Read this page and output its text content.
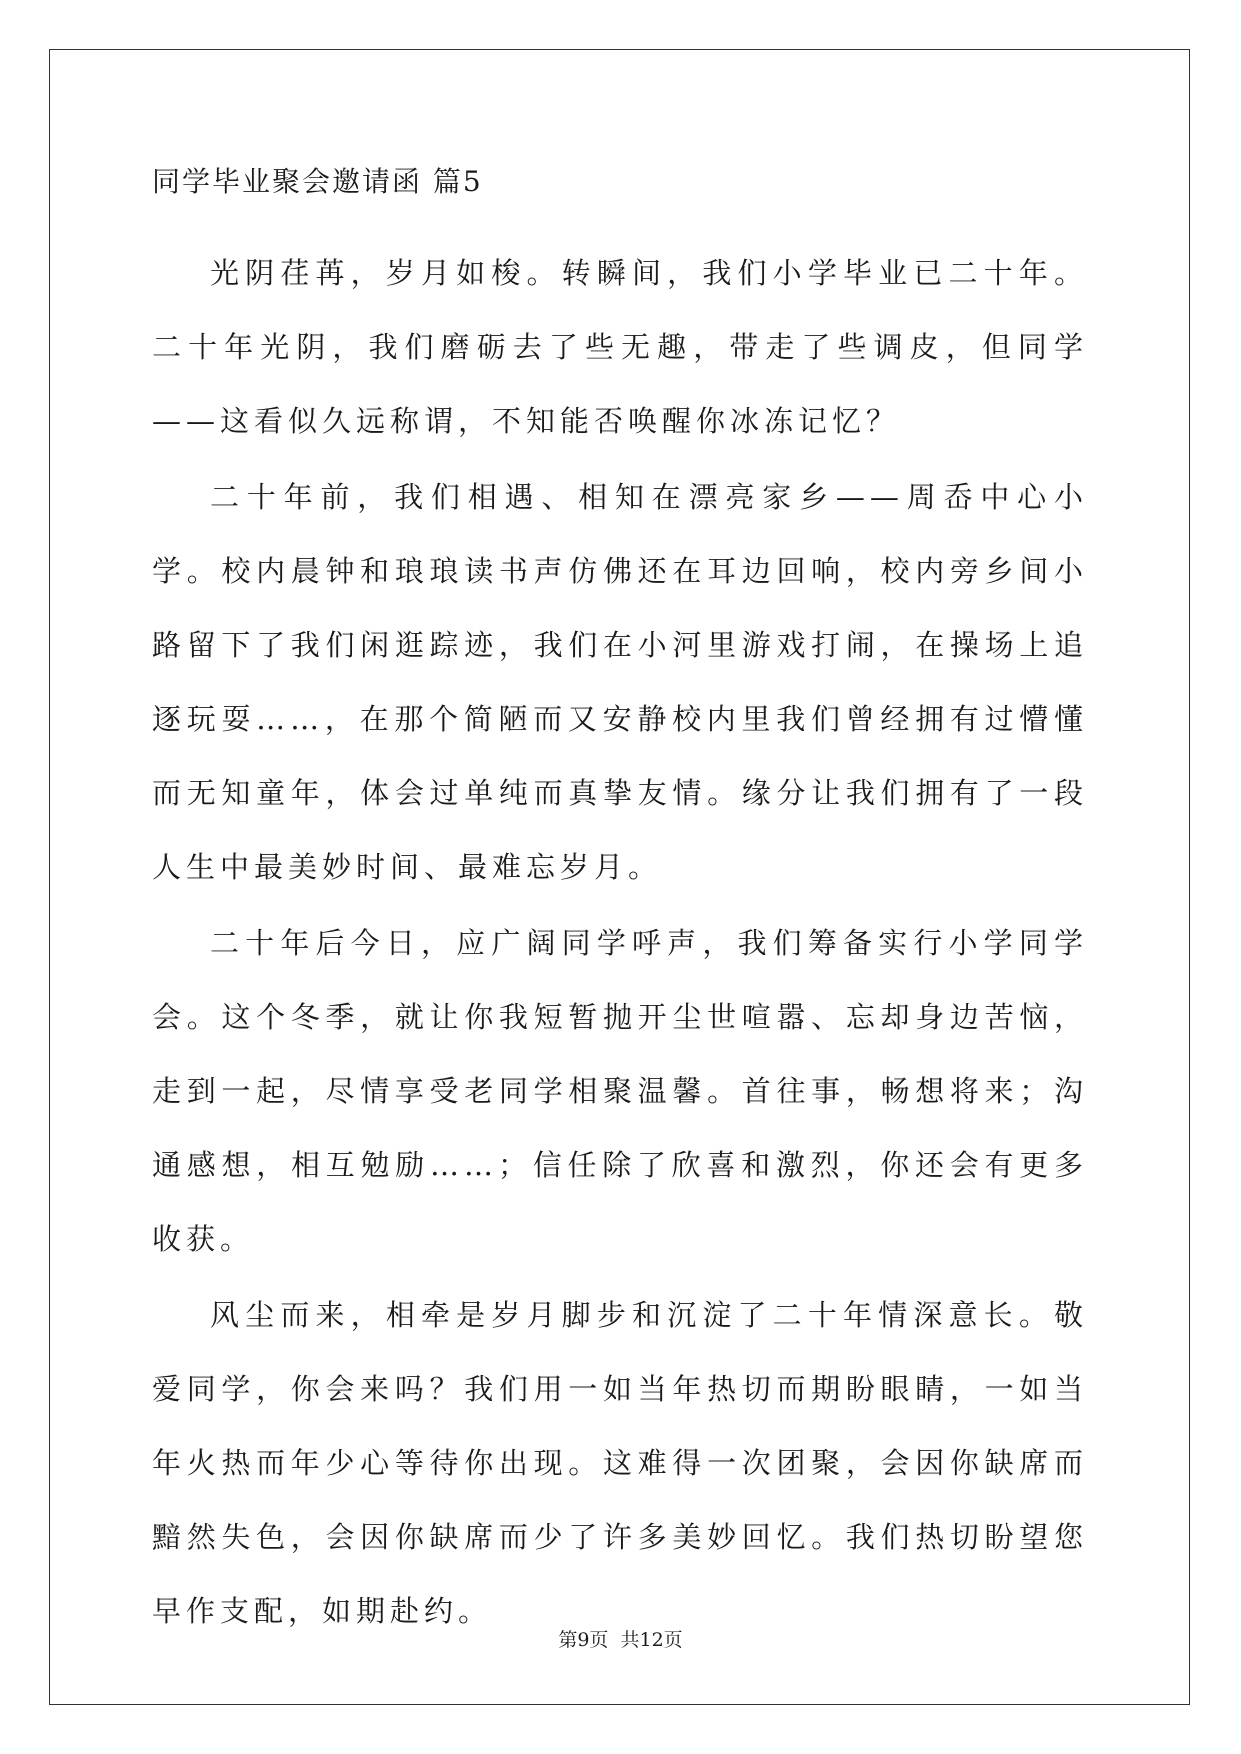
同学毕业聚会邀请函 篇5

光阴荏苒，岁月如梭。转瞬间，我们小学毕业已二十年。二十年光阴，我们磨砺去了些无趣，带走了些调皮，但同学——这看似久远称谓，不知能否唤醒你冰冻记忆？

二十年前，我们相遇、相知在漂亮家乡——周岙中心小学。校内晨钟和琅琅读书声仿佛还在耳边回响，校内旁乡间小路留下了我们闲逛踪迹，我们在小河里游戏打闹，在操场上追逐玩耍……，在那个简陋而又安静校内里我们曾经拥有过懵懂而无知童年，体会过单纯而真挚友情。缘分让我们拥有了一段人生中最美妙时间、最难忘岁月。

二十年后今日，应广阔同学呼声，我们筹备实行小学同学会。这个冬季，就让你我短暂抛开尘世喧嚣、忘却身边苦恼，走到一起，尽情享受老同学相聚温馨。首往事，畅想将来；沟通感想，相互勉励……；信任除了欣喜和激烈，你还会有更多收获。

风尘而来，相牵是岁月脚步和沉淀了二十年情深意长。敬爱同学，你会来吗？我们用一如当年热切而期盼眼睛，一如当年火热而年少心等待你出现。这难得一次团聚，会因你缺席而黯然失色，会因你缺席而少了许多美妙回忆。我们热切盼望您早作支配，如期赴约。

第9页  共12页
